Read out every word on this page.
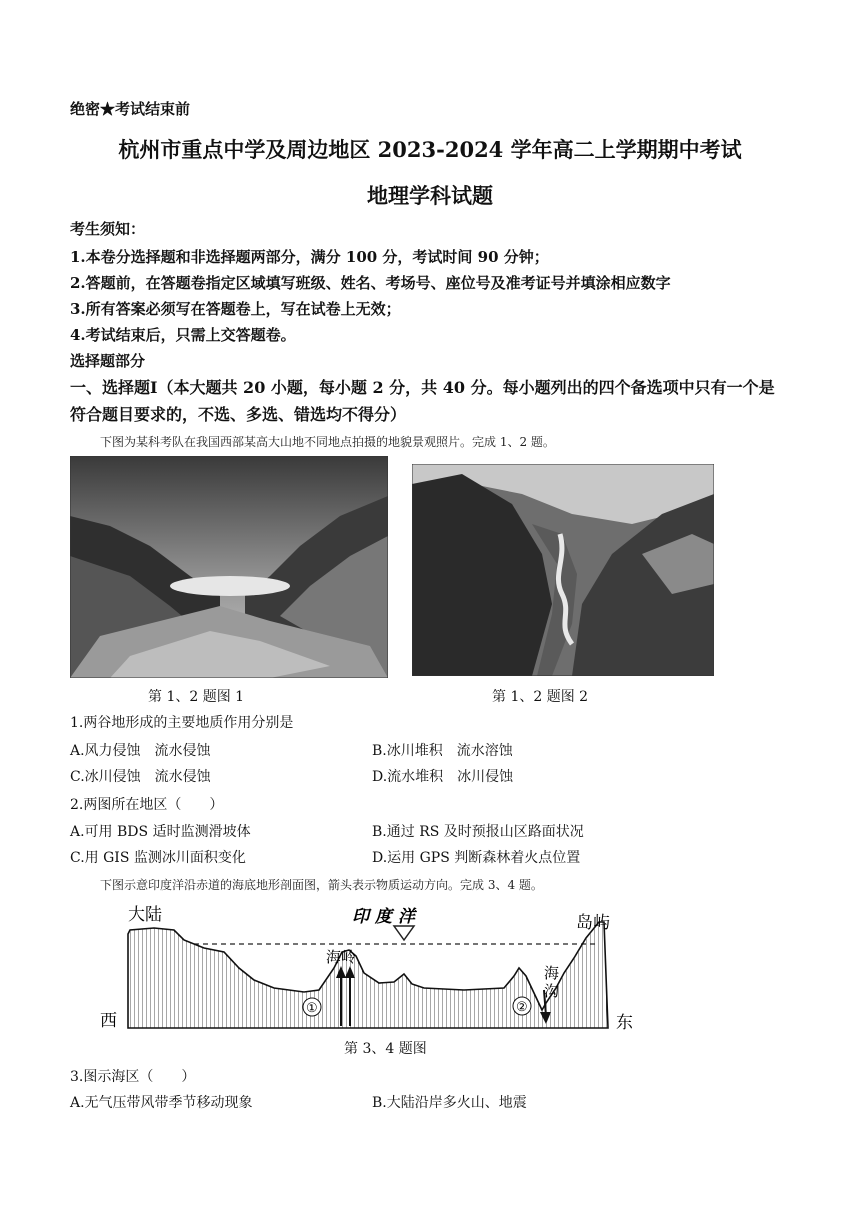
绝密★考试结束前
杭州市重点中学及周边地区 2023-2024 学年高二上学期期中考试
地理学科试题
考生须知：
1.本卷分选择题和非选择题两部分，满分 100 分，考试时间 90 分钟；
2.答题前，在答题卷指定区域填写班级、姓名、考场号、座位号及准考证号并填涂相应数字
3.所有答案必须写在答题卷上，写在试卷上无效；
4.考试结束后，只需上交答题卷。
选择题部分
一、选择题Ⅰ（本大题共 20 小题，每小题 2 分，共 40 分。每小题列出的四个备选项中只有一个是符合题目要求的，不选、多选、错选均不得分）
下图为某科考队在我国西部某高大山地不同地点拍摄的地貌景观照片。完成 1、2 题。
第 1、2 题图 1	第 1、2 题图 2
1.两谷地形成的主要地质作用分别是
A.风力侵蚀　流水侵蚀	B.冰川堆积　流水溶蚀
C.冰川侵蚀　流水侵蚀	D.流水堆积　冰川侵蚀
2.两图所在地区（　　）
A.可用 BDS 适时监测滑坡体	B.通过 RS 及时预报山区路面状况
C.用 GIS 监测冰川面积变化	D.运用 GPS 判断森林着火点位置
下图示意印度洋沿赤道的海底地形剖面图，箭头表示物质运动方向。完成 3、4 题。
大陆	印 度 洋	岛屿
海岭
海
沟
西	东
①	②
第 3、4 题图
3.图示海区（　　）
A.无气压带风带季节移动现象	B.大陆沿岸多火山、地震
